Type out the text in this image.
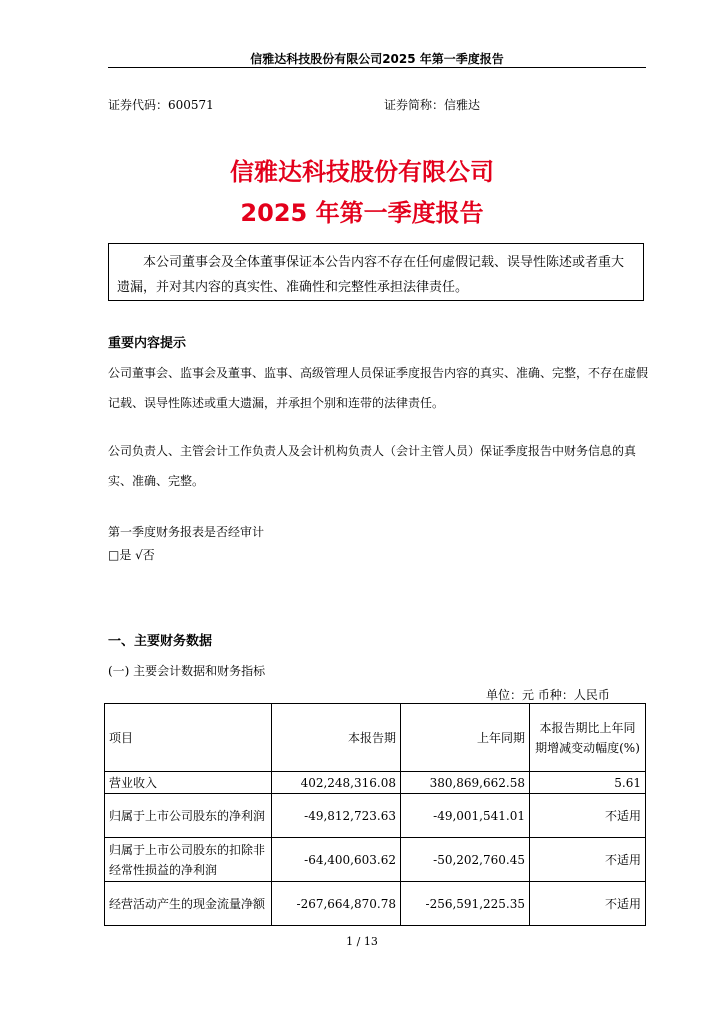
信雅达科技股份有限公司2025 年第一季度报告
证券代码：600571	证券简称：信雅达
信雅达科技股份有限公司
2025 年第一季度报告
本公司董事会及全体董事保证本公告内容不存在任何虚假记载、误导性陈述或者重大遗漏，并对其内容的真实性、准确性和完整性承担法律责任。
重要内容提示
公司董事会、监事会及董事、监事、高级管理人员保证季度报告内容的真实、准确、完整，不存在虚假记载、误导性陈述或重大遗漏，并承担个别和连带的法律责任。
公司负责人、主管会计工作负责人及会计机构负责人（会计主管人员）保证季度报告中财务信息的真实、准确、完整。
第一季度财务报表是否经审计
□是 √否
一、主要财务数据
(一) 主要会计数据和财务指标
单位：元 币种：人民币
项目	本报告期	上年同期	本报告期比上年同期增减变动幅度(%)
营业收入	402,248,316.08	380,869,662.58	5.61
归属于上市公司股东的净利润	-49,812,723.63	-49,001,541.01	不适用
归属于上市公司股东的扣除非经常性损益的净利润	-64,400,603.62	-50,202,760.45	不适用
经营活动产生的现金流量净额	-267,664,870.78	-256,591,225.35	不适用
1 / 13
